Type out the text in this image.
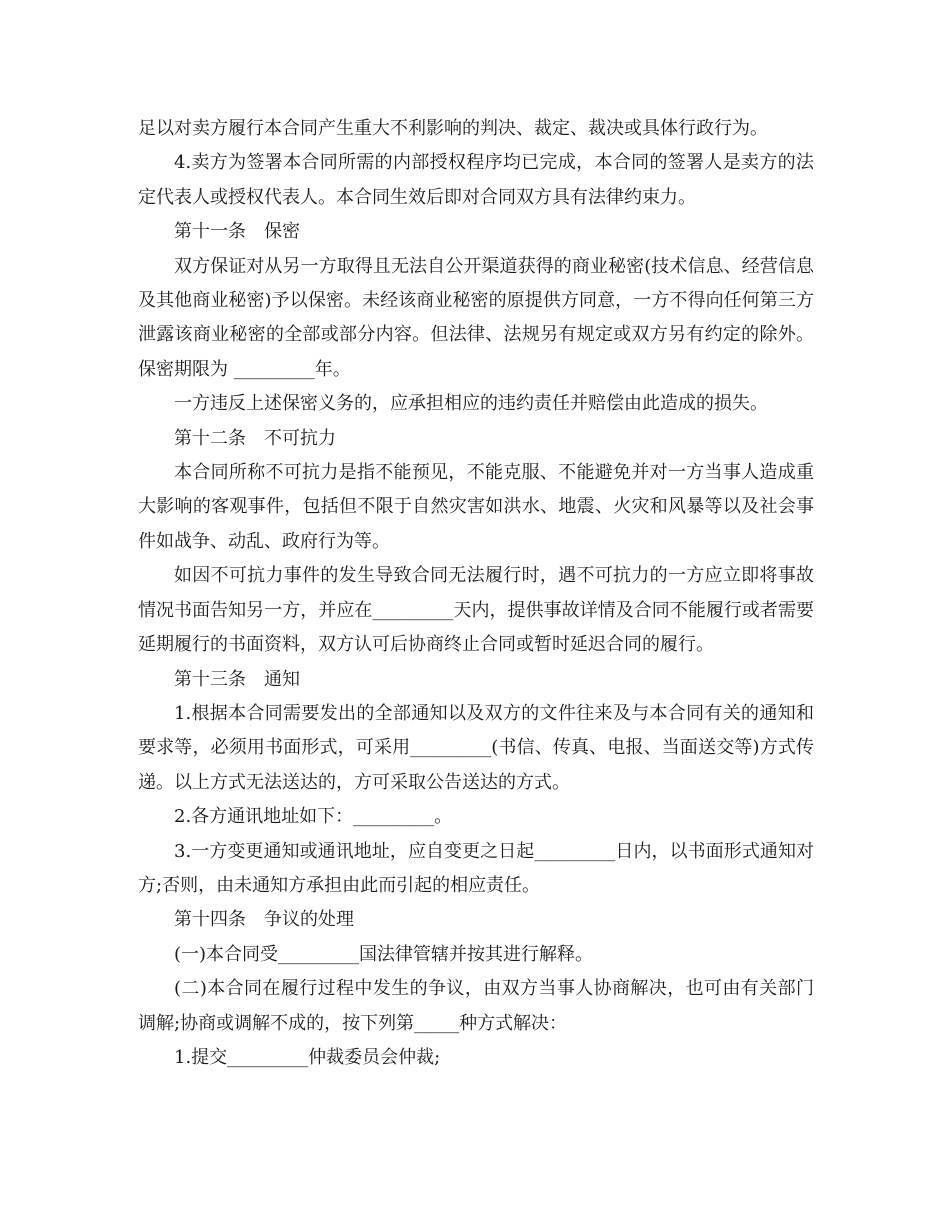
足以对卖方履行本合同产生重大不利影响的判决、裁定、裁决或具体行政行为。

4.卖方为签署本合同所需的内部授权程序均已完成，本合同的签署人是卖方的法定代表人或授权代表人。本合同生效后即对合同双方具有法律约束力。

第十一条　保密

双方保证对从另一方取得且无法自公开渠道获得的商业秘密(技术信息、经营信息及其他商业秘密)予以保密。未经该商业秘密的原提供方同意，一方不得向任何第三方泄露该商业秘密的全部或部分内容。但法律、法规另有规定或双方另有约定的除外。保密期限为 _________年。

一方违反上述保密义务的，应承担相应的违约责任并赔偿由此造成的损失。

第十二条　不可抗力

本合同所称不可抗力是指不能预见，不能克服、不能避免并对一方当事人造成重大影响的客观事件，包括但不限于自然灾害如洪水、地震、火灾和风暴等以及社会事件如战争、动乱、政府行为等。

如因不可抗力事件的发生导致合同无法履行时，遇不可抗力的一方应立即将事故情况书面告知另一方，并应在_________天内，提供事故详情及合同不能履行或者需要延期履行的书面资料，双方认可后协商终止合同或暂时延迟合同的履行。

第十三条　通知

1.根据本合同需要发出的全部通知以及双方的文件往来及与本合同有关的通知和要求等，必须用书面形式，可采用_________(书信、传真、电报、当面送交等)方式传递。以上方式无法送达的，方可采取公告送达的方式。

2.各方通讯地址如下：_________。

3.一方变更通知或通讯地址，应自变更之日起_________日内，以书面形式通知对方;否则，由未通知方承担由此而引起的相应责任。

第十四条　争议的处理

(一)本合同受_________国法律管辖并按其进行解释。

(二)本合同在履行过程中发生的争议，由双方当事人协商解决，也可由有关部门调解;协商或调解不成的，按下列第_____种方式解决：

1.提交_________仲裁委员会仲裁;
